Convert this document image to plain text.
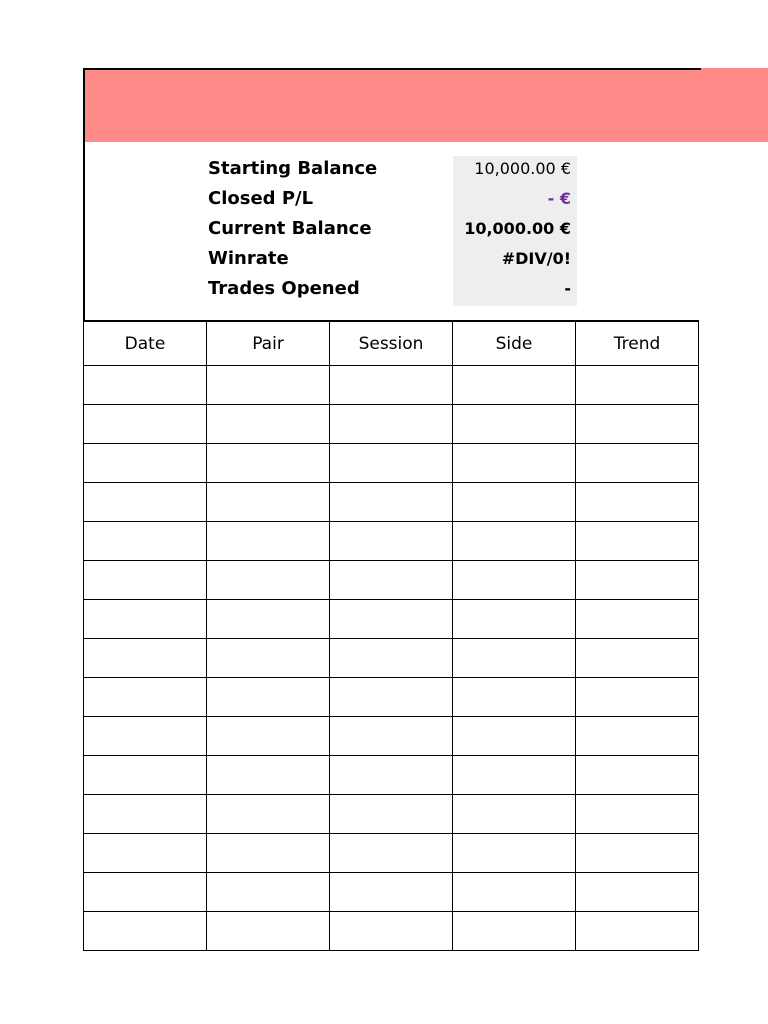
Starting Balance	10,000.00 €
Closed P/L	- €
Current Balance	10,000.00 €
Winrate	#DIV/0!
Trades Opened	-
Date	Pair	Session	Side	Trend
